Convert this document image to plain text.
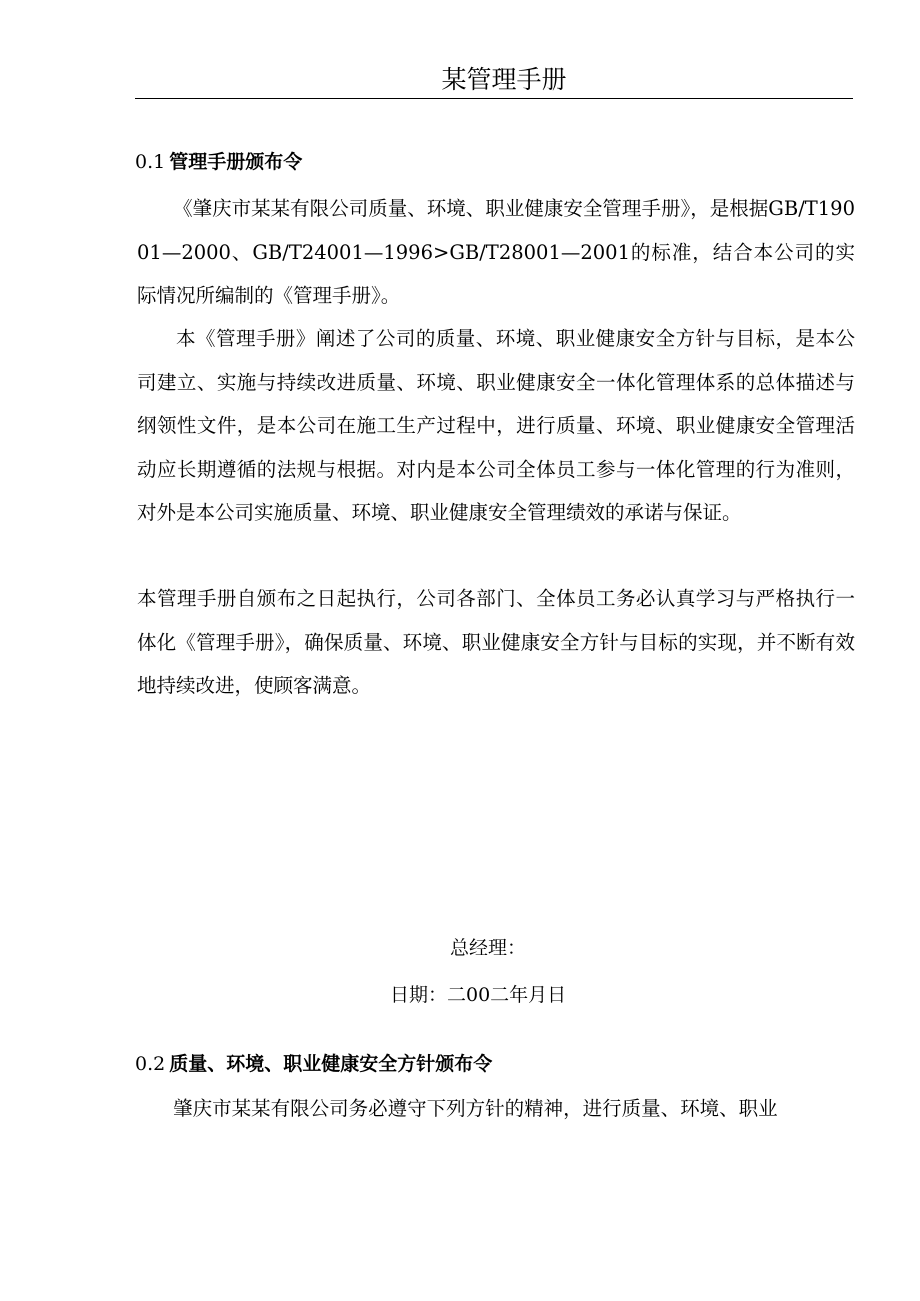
某管理手册
0.1 管理手册颁布令

《肇庆市某某有限公司质量、环境、职业健康安全管理手册》，是根据GB/T19001—2000、GB/T24001—1996>GB/T28001—2001的标准，结合本公司的实际情况所编制的《管理手册》。

本《管理手册》阐述了公司的质量、环境、职业健康安全方针与目标，是本公司建立、实施与持续改进质量、环境、职业健康安全一体化管理体系的总体描述与纲领性文件，是本公司在施工生产过程中，进行质量、环境、职业健康安全管理活动应长期遵循的法规与根据。对内是本公司全体员工参与一体化管理的行为准则，对外是本公司实施质量、环境、职业健康安全管理绩效的承诺与保证。

本管理手册自颁布之日起执行，公司各部门、全体员工务必认真学习与严格执行一体化《管理手册》，确保质量、环境、职业健康安全方针与目标的实现，并不断有效地持续改进，使顾客满意。

总经理：

日期：二00二年月日

0.2 质量、环境、职业健康安全方针颁布令

肇庆市某某有限公司务必遵守下列方针的精神，进行质量、环境、职业
